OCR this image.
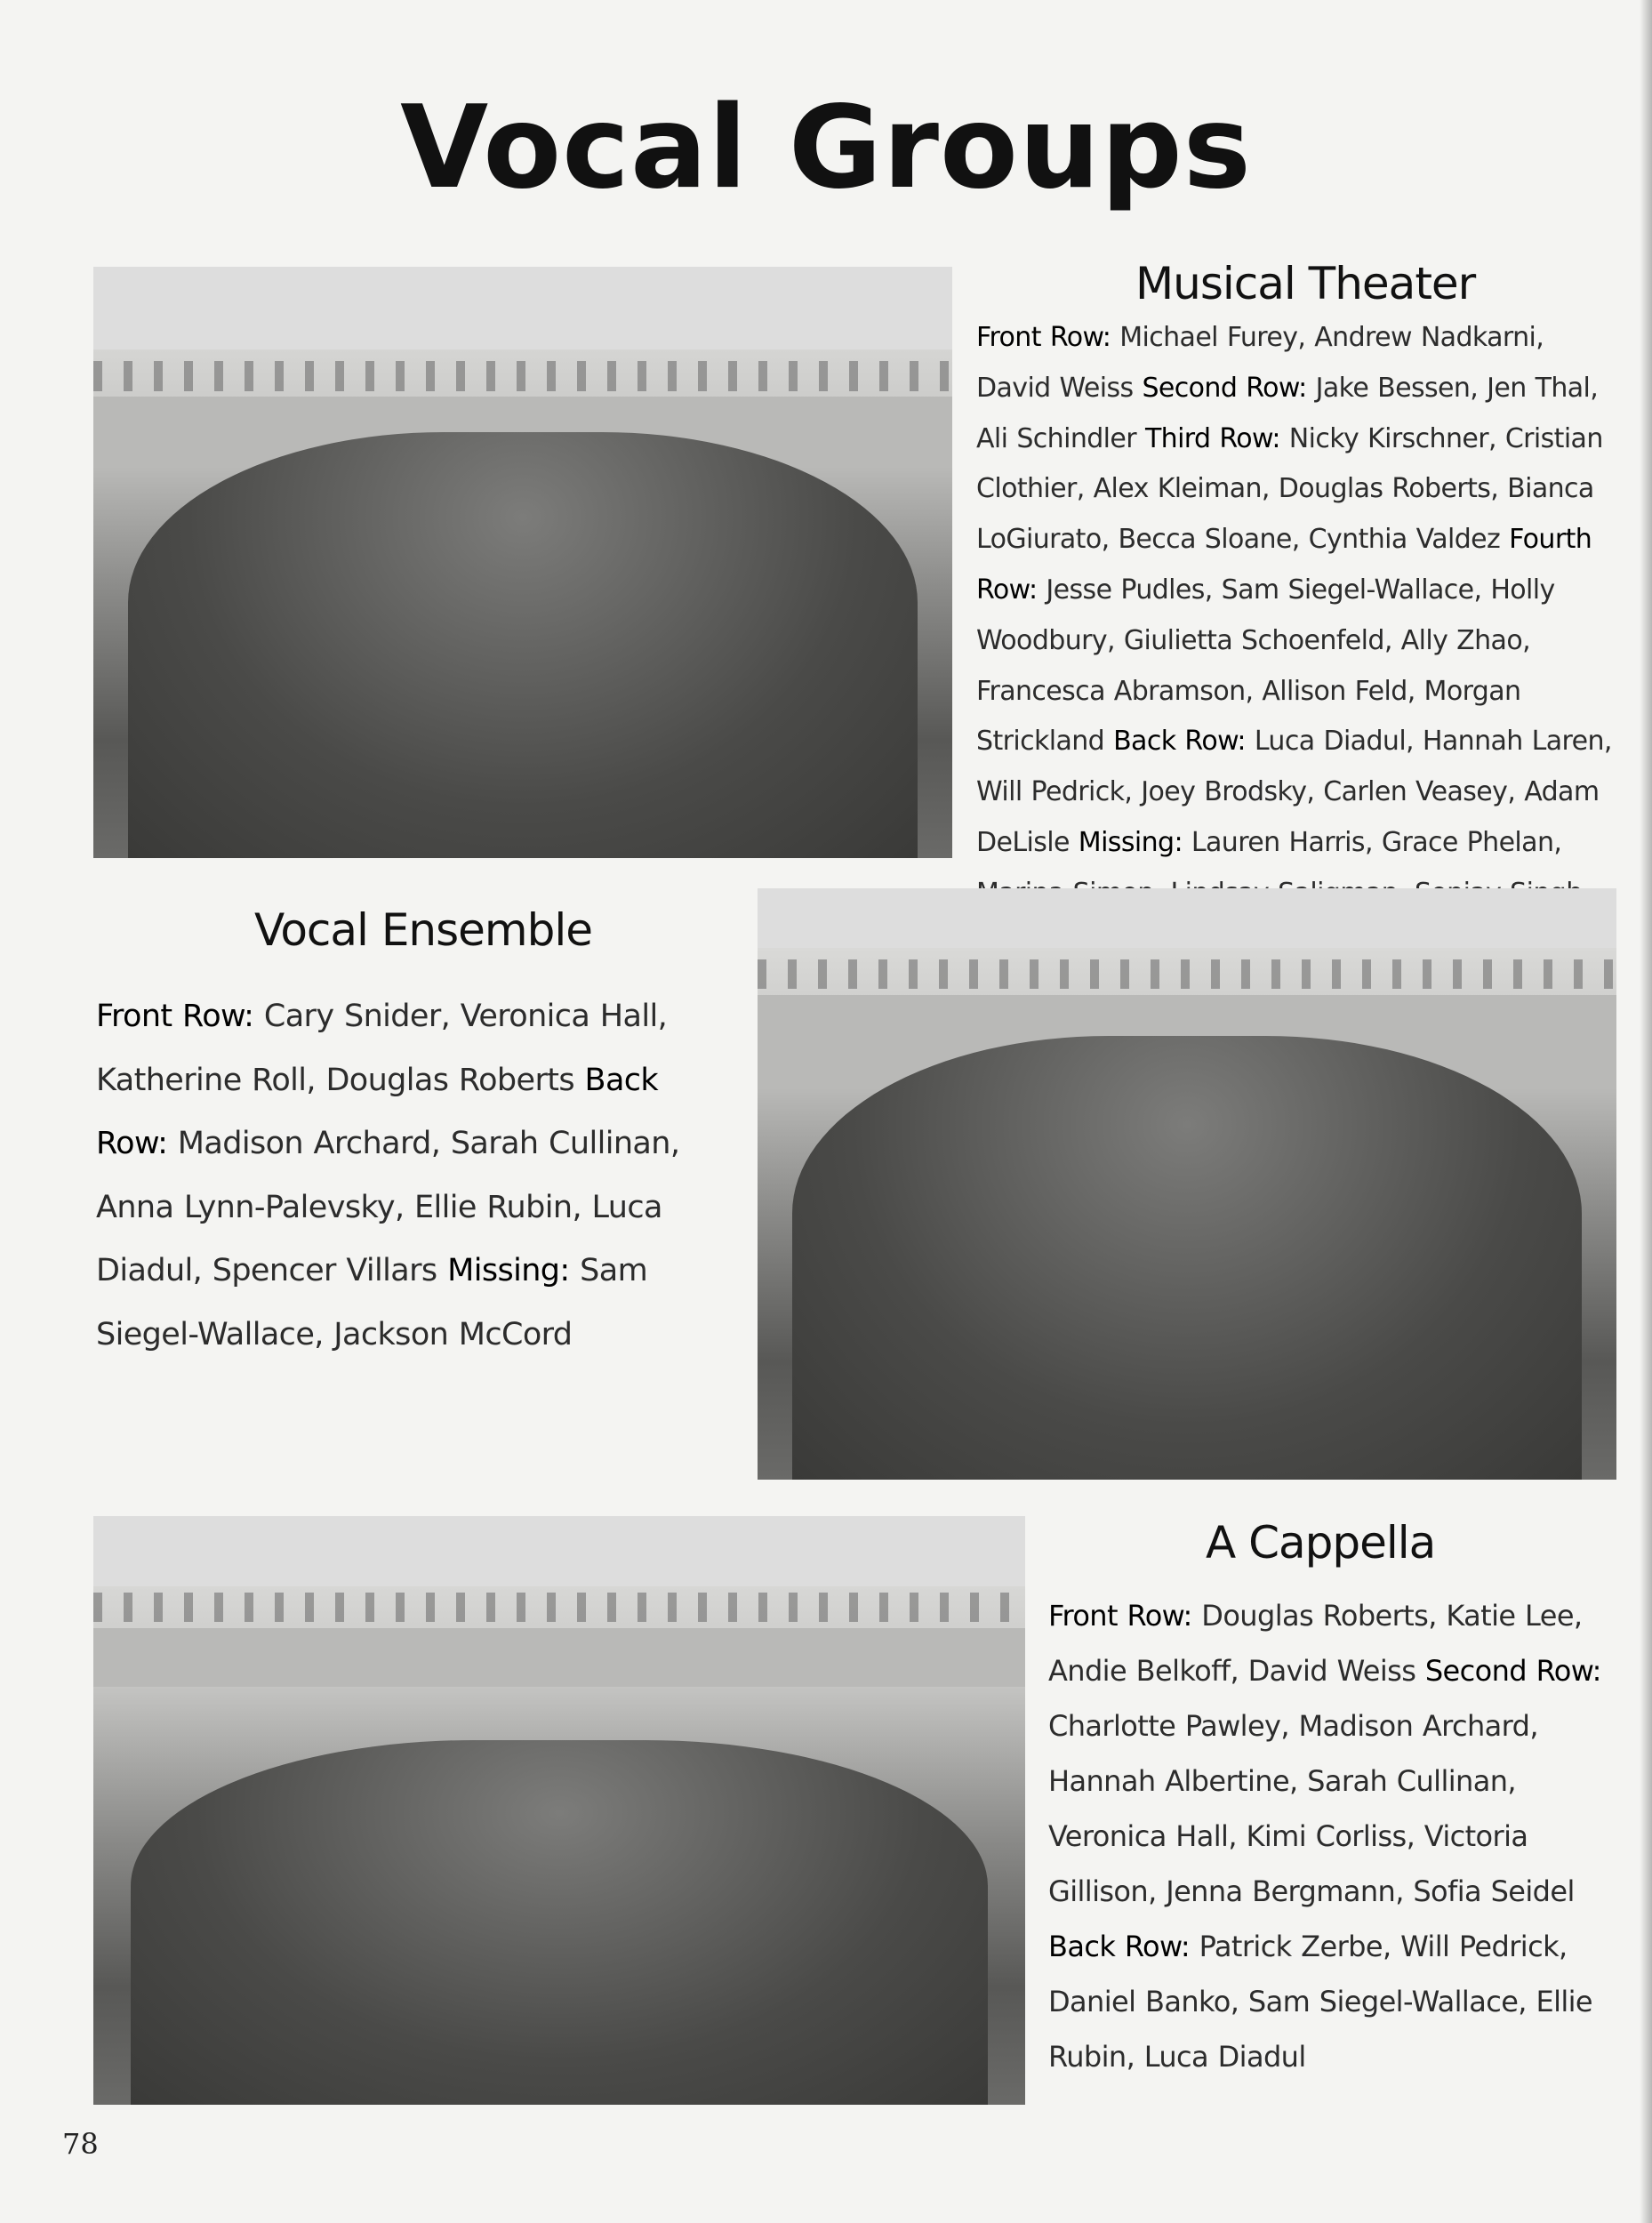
Vocal Groups
Musical Theater
Front Row: Michael Furey, Andrew Nadkarni, David Weiss Second Row: Jake Bessen, Jen Thal, Ali Schindler Third Row: Nicky Kirschner, Cristian Clothier, Alex Kleiman, Douglas Roberts, Bianca LoGiurato, Becca Sloane, Cynthia Valdez Fourth Row: Jesse Pudles, Sam Siegel-Wallace, Holly Woodbury, Giulietta Schoenfeld, Ally Zhao, Francesca Abramson, Allison Feld, Morgan Strickland Back Row: Luca Diadul, Hannah Laren, Will Pedrick, Joey Brodsky, Carlen Veasey, Adam DeLisle Missing: Lauren Harris, Grace Phelan,
Vocal Ensemble
Front Row: Cary Snider, Veronica Hall, Katherine Roll, Douglas Roberts Back Row: Madison Archard, Sarah Cullinan, Anna Lynn-Palevsky, Ellie Rubin, Luca Diadul, Spencer Villars Missing: Sam Siegel-Wallace, Jackson McCord
A Cappella
Front Row: Douglas Roberts, Katie Lee, Andie Belkoff, David Weiss Second Row: Charlotte Pawley, Madison Archard, Hannah Albertine, Sarah Cullinan, Veronica Hall, Kimi Corliss, Victoria Gillison, Jenna Bergmann, Sofia Seidel Back Row: Patrick Zerbe, Will Pedrick, Daniel Banko, Sam Siegel-Wallace, Ellie Rubin, Luca Diadul
78
